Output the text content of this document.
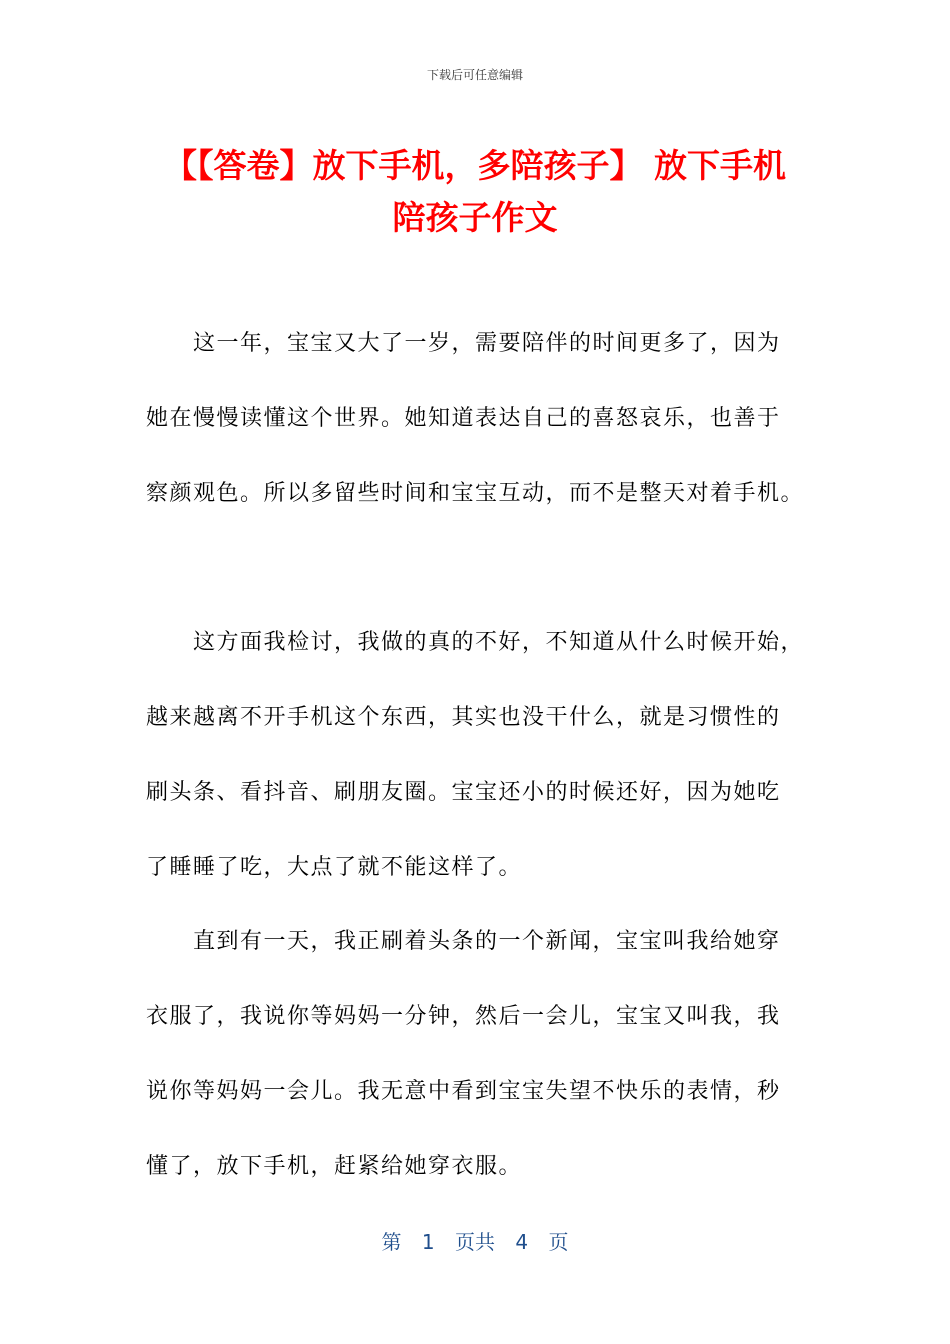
下载后可任意编辑
【【答卷】放下手机，多陪孩子】 放下手机
陪孩子作文
这一年，宝宝又大了一岁，需要陪伴的时间更多了，因为
她在慢慢读懂这个世界。她知道表达自己的喜怒哀乐，也善于
察颜观色。所以多留些时间和宝宝互动，而不是整天对着手机。
这方面我检讨，我做的真的不好，不知道从什么时候开始，
越来越离不开手机这个东西，其实也没干什么，就是习惯性的
刷头条、看抖音、刷朋友圈。宝宝还小的时候还好，因为她吃
了睡睡了吃，大点了就不能这样了。
直到有一天，我正刷着头条的一个新闻，宝宝叫我给她穿
衣服了，我说你等妈妈一分钟，然后一会儿，宝宝又叫我，我
说你等妈妈一会儿。我无意中看到宝宝失望不快乐的表情，秒
懂了，放下手机，赶紧给她穿衣服。
第 1 页共 4 页
